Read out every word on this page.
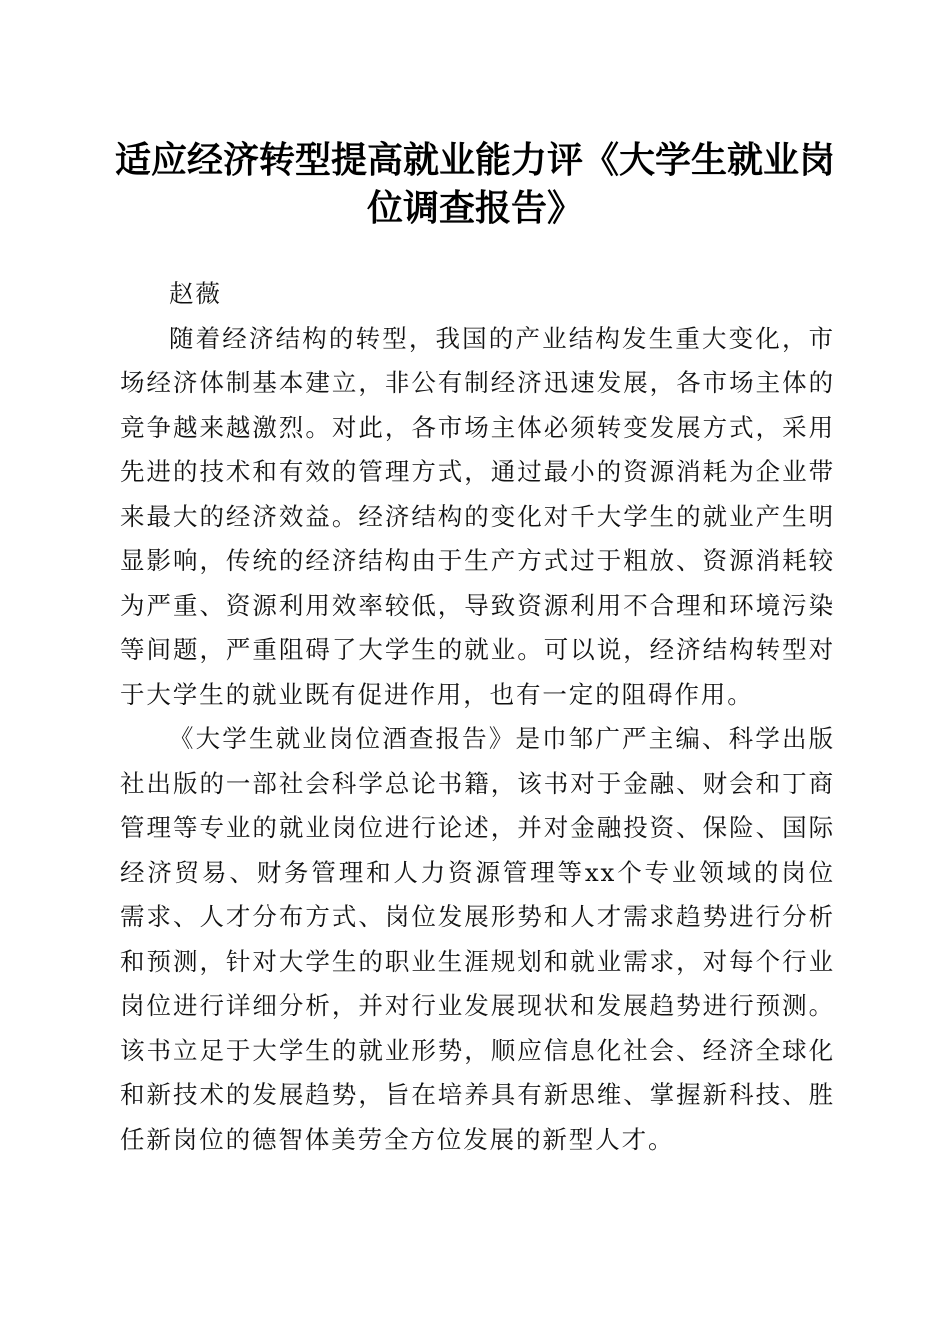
适应经济转型提高就业能力评《大学生就业岗位调查报告》

赵薇

随着经济结构的转型，我国的产业结构发生重大变化，市场经济体制基本建立，非公有制经济迅速发展，各市场主体的竞争越来越激烈。对此，各市场主体必须转变发展方式，采用先进的技术和有效的管理方式，通过最小的资源消耗为企业带来最大的经济效益。经济结构的变化对千大学生的就业产生明显影响，传统的经济结构由于生产方式过于粗放、资源消耗较为严重、资源利用效率较低，导致资源利用不合理和环境污染等间题，严重阻碍了大学生的就业。可以说，经济结构转型对于大学生的就业既有促进作用，也有一定的阻碍作用。

《大学生就业岗位酒查报告》是巾邹广严主编、科学出版社出版的一部社会科学总论书籍，该书对于金融、财会和丁商管理等专业的就业岗位进行论述，并对金融投资、保险、国际经济贸易、财务管理和人力资源管理等xx个专业领域的岗位需求、人才分布方式、岗位发展形势和人才需求趋势进行分析和预测，针对大学生的职业生涯规划和就业需求，对每个行业岗位进行详细分析，并对行业发展现状和发展趋势进行预测。该书立足于大学生的就业形势，顺应信息化社会、经济全球化和新技术的发展趋势，旨在培养具有新思维、掌握新科技、胜任新岗位的德智体美劳全方位发展的新型人才。
